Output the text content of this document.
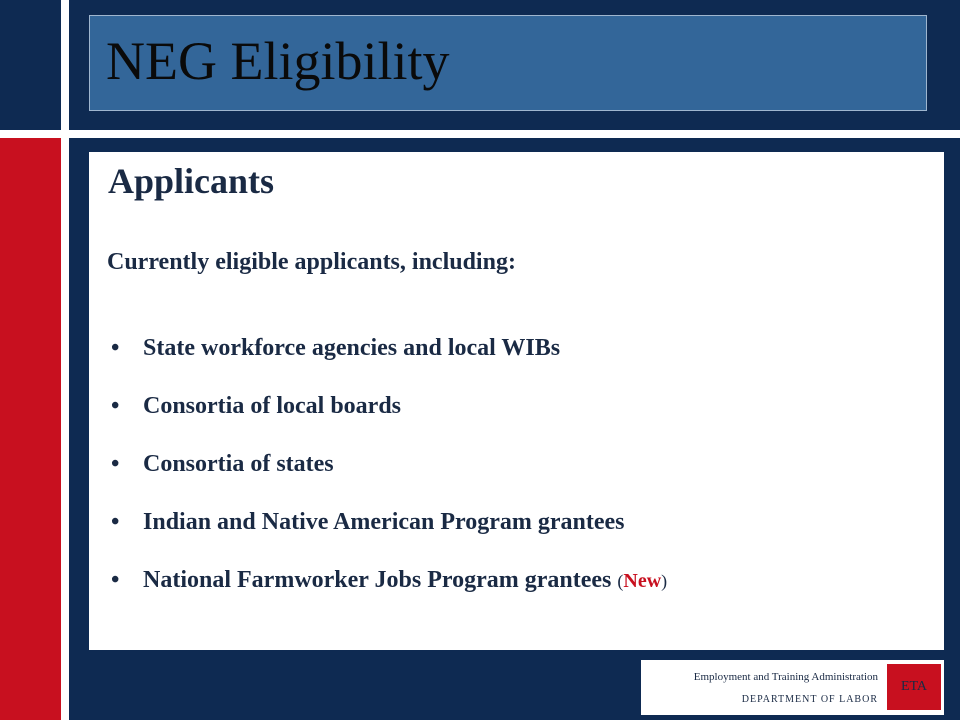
NEG Eligibility
Applicants
Currently eligible applicants, including:
• State workforce agencies and local WIBs
• Consortia of local boards
• Consortia of states
• Indian and Native American Program grantees
• National Farmworker Jobs Program grantees (New)
Employment and Training Administration
DEPARTMENT OF LABOR
ETA
